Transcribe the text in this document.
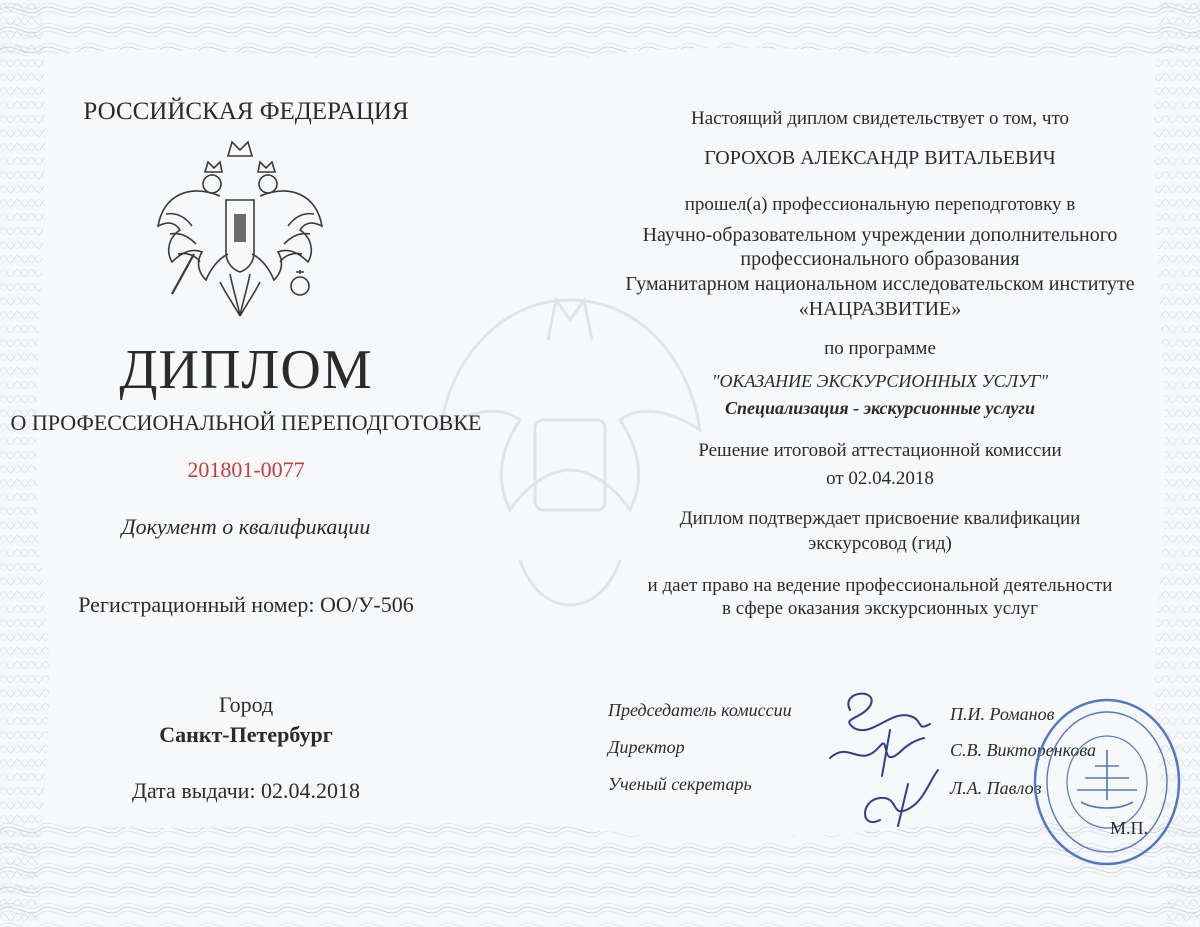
РОССИЙСКАЯ ФЕДЕРАЦИЯ
ДИПЛОМ
О ПРОФЕССИОНАЛЬНОЙ ПЕРЕПОДГОТОВКЕ
201801-0077
Документ о квалификации
Регистрационный номер: ОО/У-506
Город
Санкт-Петербург
Дата выдачи: 02.04.2018
Настоящий диплом свидетельствует о том, что
ГОРОХОВ АЛЕКСАНДР ВИТАЛЬЕВИЧ
прошел(а) профессиональную переподготовку в
Научно-образовательном учреждении дополнительного
профессионального образования
Гуманитарном национальном исследовательском институте
«НАЦРАЗВИТИЕ»
по программе
"ОКАЗАНИЕ ЭКСКУРСИОННЫХ УСЛУГ"
Специализация - экскурсионные услуги
Решение итоговой аттестационной комиссии
от 02.04.2018
Диплом подтверждает присвоение квалификации
экскурсовод (гид)
и дает право на ведение профессиональной деятельности
в сфере оказания экскурсионных услуг
Председатель комиссии
Директор
Ученый секретарь
П.И. Романов
С.В. Викторенкова
Л.А. Павлов
М.П.
